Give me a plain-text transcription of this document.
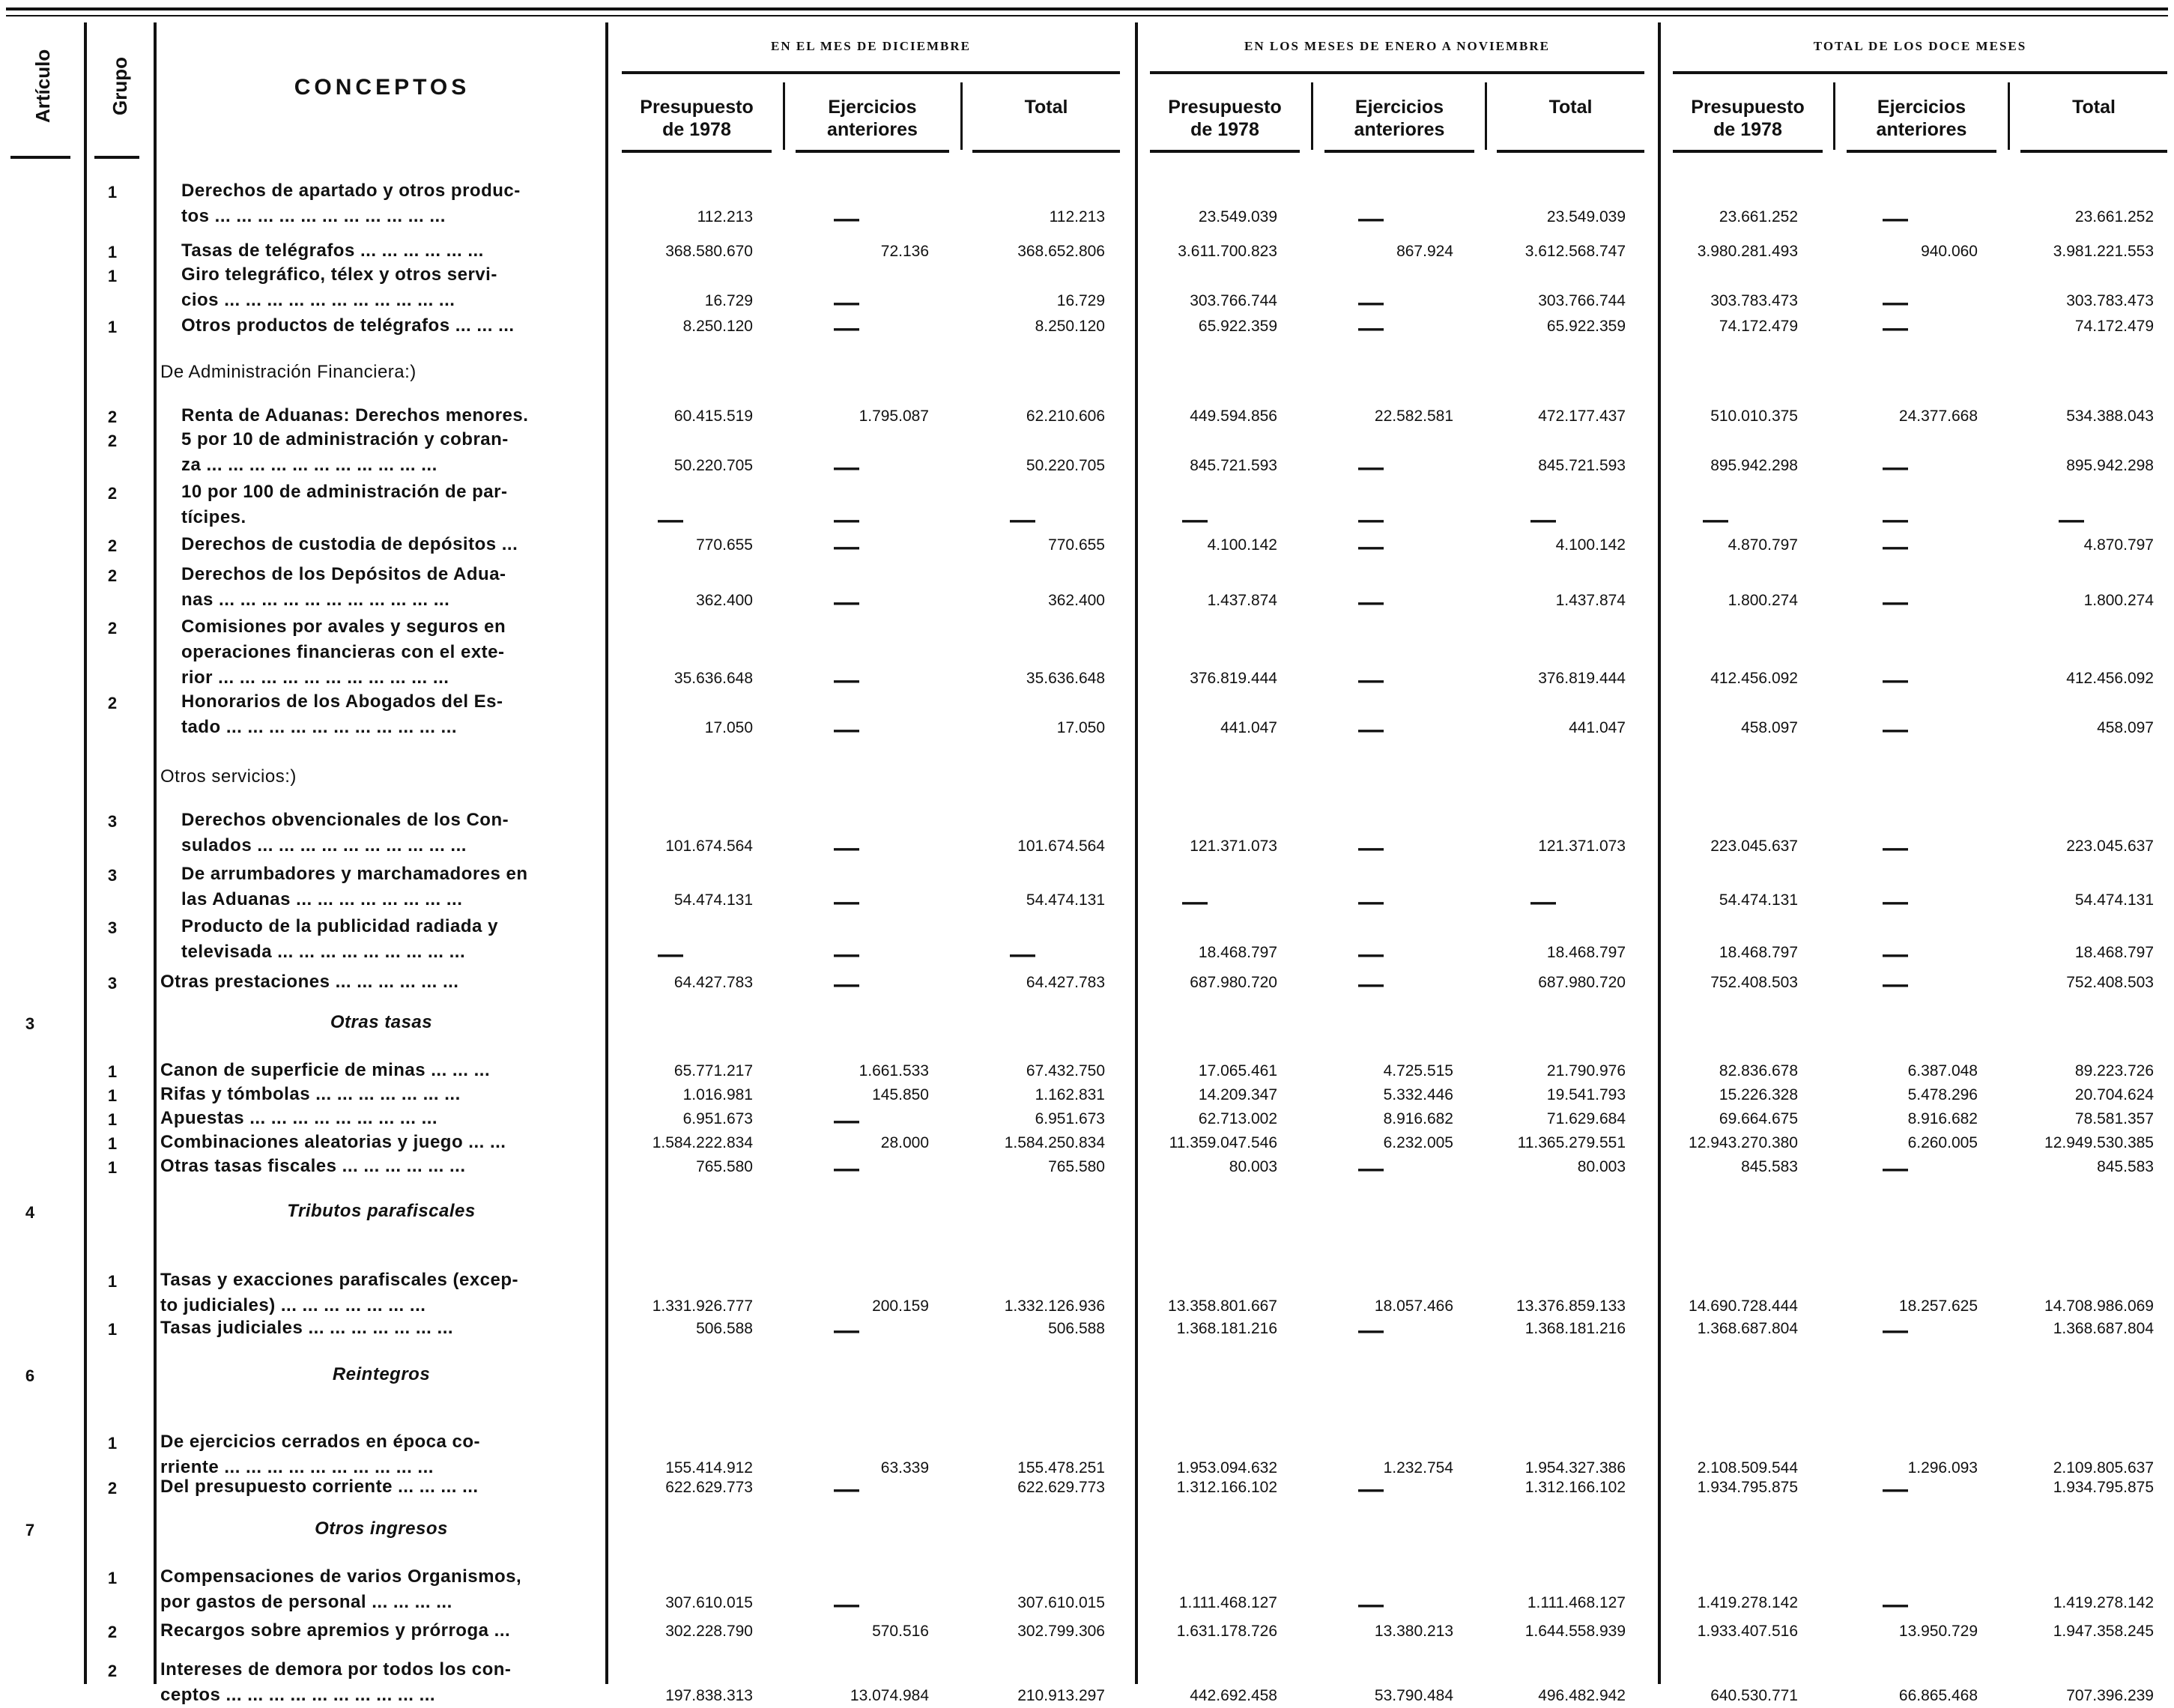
Artículo	Grupo	CONCEPTOS
EN EL MES DE DICIEMBRE	EN LOS MESES DE ENERO A NOVIEMBRE	TOTAL DE LOS DOCE MESES
Presupuesto
de 1978
Ejercicios
anteriores
Total	Presupuesto
de 1978
Ejercicios
anteriores
Total	Presupuesto
de 1978
Ejercicios
anteriores
Total
1	Derechos de apartado y otros produc-
tos ... ... ... ... ... ... ... ... ... ... ...	112.213	—	112.213	23.549.039	—	23.549.039	23.661.252	—	23.661.252
1	Tasas de telégrafos ... ... ... ... ... ...	368.580.670	72.136	368.652.806	3.611.700.823	867.924	3.612.568.747	3.980.281.493	940.060	3.981.221.553
1	Giro telegráfico, télex y otros servi-
cios ... ... ... ... ... ... ... ... ... ... ...	16.729	—	16.729	303.766.744	—	303.766.744	303.783.473	—	303.783.473
1	Otros productos de telégrafos ... ... ...	8.250.120	—	8.250.120	65.922.359	—	65.922.359	74.172.479	—	74.172.479
De Administración Financiera:)
2	Renta de Aduanas: Derechos menores.	60.415.519	1.795.087	62.210.606	449.594.856	22.582.581	472.177.437	510.010.375	24.377.668	534.388.043
2	5 por 10 de administración y cobran-
za ... ... ... ... ... ... ... ... ... ... ...	50.220.705	—	50.220.705	845.721.593	—	845.721.593	895.942.298	—	895.942.298
2	10 por 100 de administración de par-
tícipes.	—	—	—	—	—	—	—	—	—
2	Derechos de custodia de depósitos ...	770.655	—	770.655	4.100.142	—	4.100.142	4.870.797	—	4.870.797
2	Derechos de los Depósitos de Adua-
nas ... ... ... ... ... ... ... ... ... ... ...	362.400	—	362.400	1.437.874	—	1.437.874	1.800.274	—	1.800.274
2	Comisiones por avales y seguros en
operaciones financieras con el exte-
rior ... ... ... ... ... ... ... ... ... ... ...	35.636.648	—	35.636.648	376.819.444	—	376.819.444	412.456.092	—	412.456.092
2	Honorarios de los Abogados del Es-
tado ... ... ... ... ... ... ... ... ... ... ...	17.050	—	17.050	441.047	—	441.047	458.097	—	458.097
Otros servicios:)
3	Derechos obvencionales de los Con-
sulados ... ... ... ... ... ... ... ... ... ...	101.674.564	—	101.674.564	121.371.073	—	121.371.073	223.045.637	—	223.045.637
3	De arrumbadores y marchamadores en
las Aduanas ... ... ... ... ... ... ... ...	54.474.131	—	54.474.131	—	—	—	54.474.131	—	54.474.131
3	Producto de la publicidad radiada y
televisada ... ... ... ... ... ... ... ... ...	—	—	—	18.468.797	—	18.468.797	18.468.797	—	18.468.797
3	Otras prestaciones ... ... ... ... ... ...	64.427.783	—	64.427.783	687.980.720	—	687.980.720	752.408.503	—	752.408.503
3	Otras tasas
1	Canon de superficie de minas ... ... ...	65.771.217	1.661.533	67.432.750	17.065.461	4.725.515	21.790.976	82.836.678	6.387.048	89.223.726
1	Rifas y tómbolas ... ... ... ... ... ... ...	1.016.981	145.850	1.162.831	14.209.347	5.332.446	19.541.793	15.226.328	5.478.296	20.704.624
1	Apuestas ... ... ... ... ... ... ... ... ...	6.951.673	—	6.951.673	62.713.002	8.916.682	71.629.684	69.664.675	8.916.682	78.581.357
1	Combinaciones aleatorias y juego ... ...	1.584.222.834	28.000	1.584.250.834	11.359.047.546	6.232.005	11.365.279.551	12.943.270.380	6.260.005	12.949.530.385
1	Otras tasas fiscales ... ... ... ... ... ...	765.580	—	765.580	80.003	—	80.003	845.583	—	845.583
4	Tributos parafiscales
1	Tasas y exacciones parafiscales (excep-
to judiciales) ... ... ... ... ... ... ...	1.331.926.777	200.159	1.332.126.936	13.358.801.667	18.057.466	13.376.859.133	14.690.728.444	18.257.625	14.708.986.069
1	Tasas judiciales ... ... ... ... ... ... ...	506.588	—	506.588	1.368.181.216	—	1.368.181.216	1.368.687.804	—	1.368.687.804
6	Reintegros
1	De ejercicios cerrados en época co-
rriente ... ... ... ... ... ... ... ... ... ...	155.414.912	63.339	155.478.251	1.953.094.632	1.232.754	1.954.327.386	2.108.509.544	1.296.093	2.109.805.637
2	Del presupuesto corriente ... ... ... ...	622.629.773	—	622.629.773	1.312.166.102	—	1.312.166.102	1.934.795.875	—	1.934.795.875
7	Otros ingresos
1	Compensaciones de varios Organismos,
por gastos de personal ... ... ... ...	307.610.015	—	307.610.015	1.111.468.127	—	1.111.468.127	1.419.278.142	—	1.419.278.142
2	Recargos sobre apremios y prórroga ...	302.228.790	570.516	302.799.306	1.631.178.726	13.380.213	1.644.558.939	1.933.407.516	13.950.729	1.947.358.245
2	Intereses de demora por todos los con-
ceptos ... ... ... ... ... ... ... ... ... ...	197.838.313	13.074.984	210.913.297	442.692.458	53.790.484	496.482.942	640.530.771	66.865.468	707.396.239
